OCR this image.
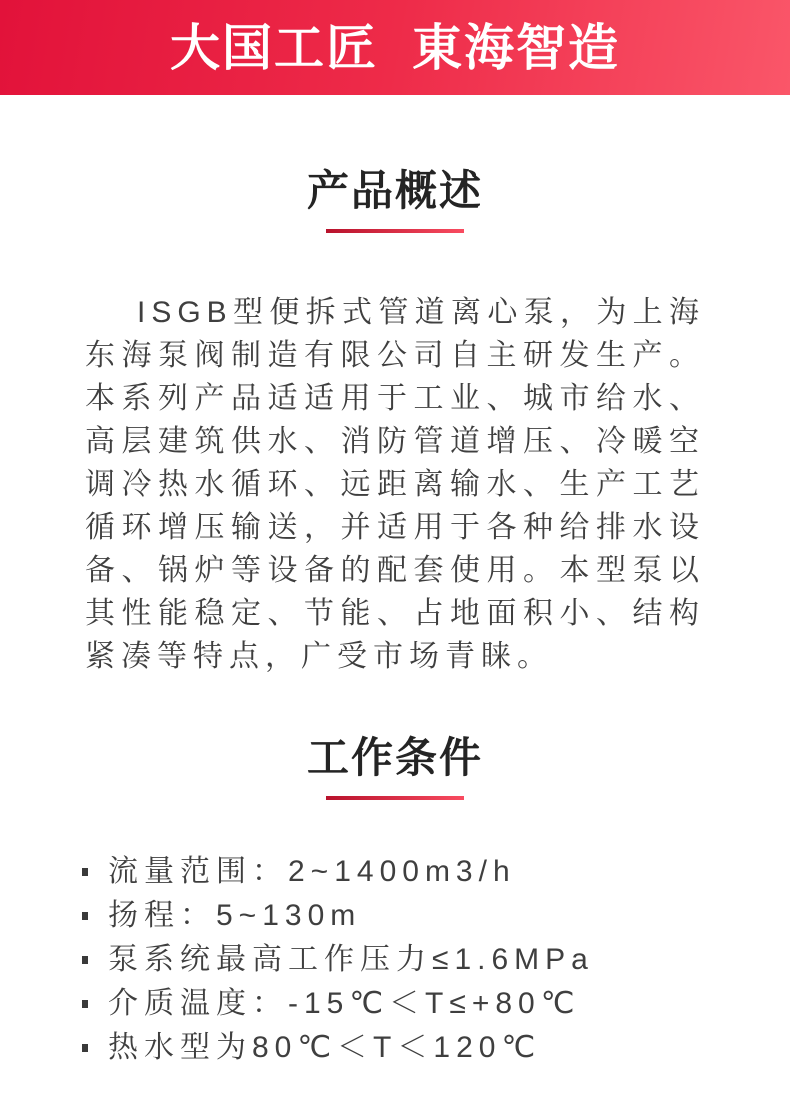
大国工匠 東海智造
产品概述

ISGB型便拆式管道离心泵，为上海东海泵阀制造有限公司自主研发生产。本系列产品适适用于工业、城市给水、高层建筑供水、消防管道增压、冷暖空调冷热水循环、远距离输水、生产工艺循环增压输送，并适用于各种给排水设备、锅炉等设备的配套使用。本型泵以其性能稳定、节能、占地面积小、结构紧凑等特点，广受市场青睐。

工作条件
流量范围：2~1400m3/h
扬程：5~130m
泵系统最高工作压力≤1.6MPa
介质温度：-15℃＜T≤+80℃
热水型为80℃＜T＜120℃
